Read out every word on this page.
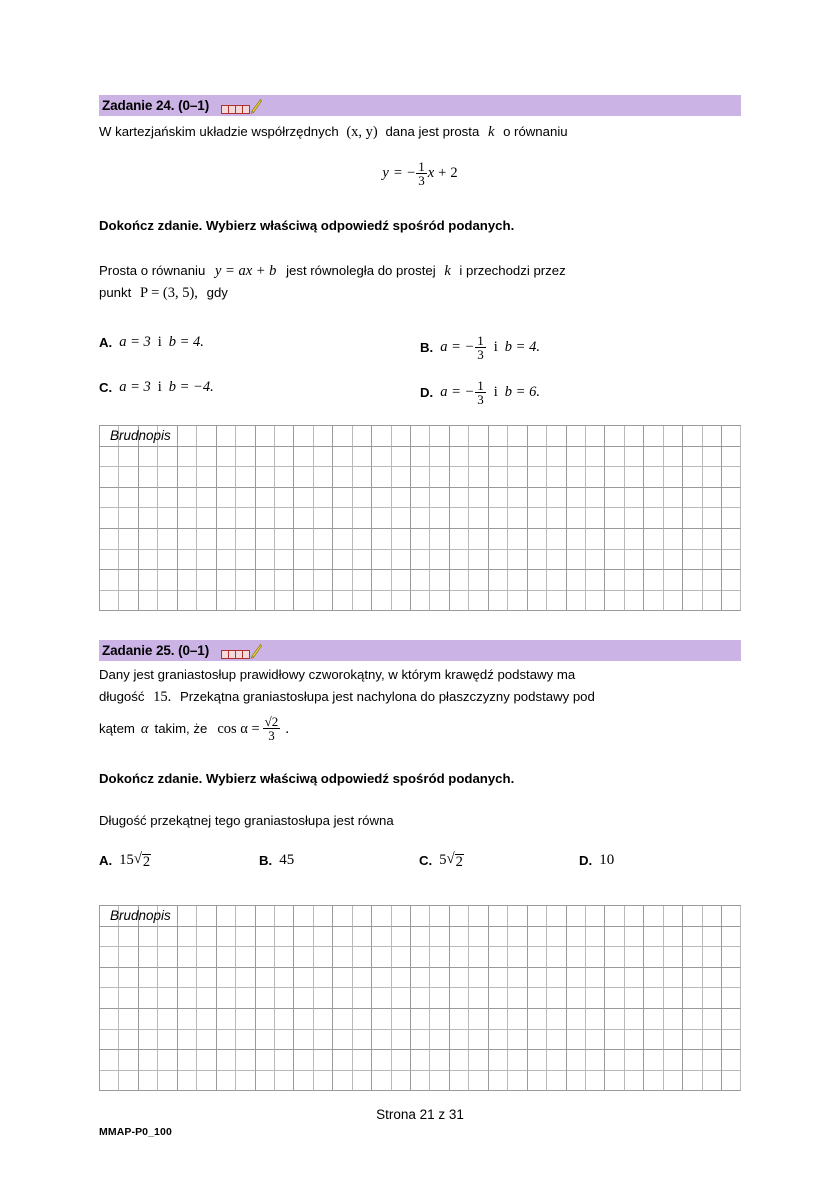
Zadanie 24. (0–1)
W kartezjańskim układzie współrzędnych (x, y) dana jest prosta k o równaniu
y = − $\frac{1}{3}$ x + 2
Dokończ zdanie. Wybierz właściwą odpowiedź spośród podanych.
Prosta o równaniu y = ax + b jest równoległa do prostej k i przechodzi przez
punkt P = (3, 5), gdy
A. a = 3 i b = 4.	B. a = − $\frac{1}{3}$ i b = 4.
C. a = 3 i b = −4.	D. a = − $\frac{1}{3}$ i b = 6.
Brudnopis
Zadanie 25. (0–1)
Dany jest graniastosłup prawidłowy czworokątny, w którym krawędź podstawy ma
długość 15. Przekątna graniastosłupa jest nachylona do płaszczyzny podstawy pod
kątem α takim, że $\cos \alpha = \frac{√2}{3}$ .
Dokończ zdanie. Wybierz właściwą odpowiedź spośród podanych.
Długość przekątnej tego graniastosłupa jest równa
A. 15 √ 2	B. 45	C. 5 √ 2	D. 10
Brudnopis
Strona 21 z 31
MMAP-P0_100
